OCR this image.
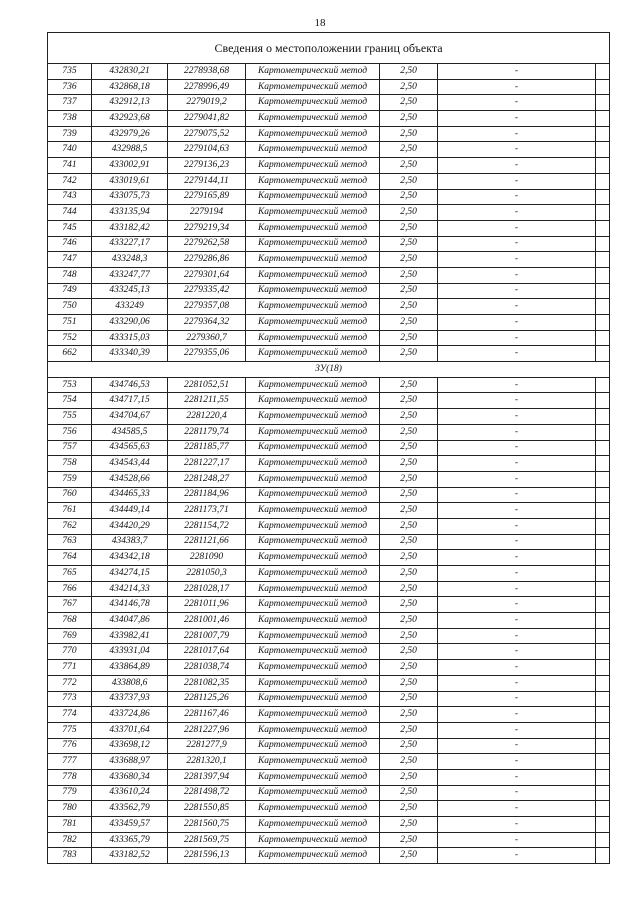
18
Сведения о местоположении границ объекта						
735	432830,21	2278938,68	Картометрический метод	2,50	-	
736	432868,18	2278996,49	Картометрический метод	2,50	-	
737	432912,13	2279019,2	Картометрический метод	2,50	-	
738	432923,68	2279041,82	Картометрический метод	2,50	-	
739	432979,26	2279075,52	Картометрический метод	2,50	-	
740	432988,5	2279104,63	Картометрический метод	2,50	-	
741	433002,91	2279136,23	Картометрический метод	2,50	-	
742	433019,61	2279144,11	Картометрический метод	2,50	-	
743	433075,73	2279165,89	Картометрический метод	2,50	-	
744	433135,94	2279194	Картометрический метод	2,50	-	
745	433182,42	2279219,34	Картометрический метод	2,50	-	
746	433227,17	2279262,58	Картометрический метод	2,50	-	
747	433248,3	2279286,86	Картометрический метод	2,50	-	
748	433247,77	2279301,64	Картометрический метод	2,50	-	
749	433245,13	2279335,42	Картометрический метод	2,50	-	
750	433249	2279357,08	Картометрический метод	2,50	-	
751	433290,06	2279364,32	Картометрический метод	2,50	-	
752	433315,03	2279360,7	Картометрический метод	2,50	-	
662	433340,39	2279355,06	Картометрический метод	2,50	-	
ЗУ(18)						
753	434746,53	2281052,51	Картометрический метод	2,50	-	
754	434717,15	2281211,55	Картометрический метод	2,50	-	
755	434704,67	2281220,4	Картометрический метод	2,50	-	
756	434585,5	2281179,74	Картометрический метод	2,50	-	
757	434565,63	2281185,77	Картометрический метод	2,50	-	
758	434543,44	2281227,17	Картометрический метод	2,50	-	
759	434528,66	2281248,27	Картометрический метод	2,50	-	
760	434465,33	2281184,96	Картометрический метод	2,50	-	
761	434449,14	2281173,71	Картометрический метод	2,50	-	
762	434420,29	2281154,72	Картометрический метод	2,50	-	
763	434383,7	2281121,66	Картометрический метод	2,50	-	
764	434342,18	2281090	Картометрический метод	2,50	-	
765	434274,15	2281050,3	Картометрический метод	2,50	-	
766	434214,33	2281028,17	Картометрический метод	2,50	-	
767	434146,78	2281011,96	Картометрический метод	2,50	-	
768	434047,86	2281001,46	Картометрический метод	2,50	-	
769	433982,41	2281007,79	Картометрический метод	2,50	-	
770	433931,04	2281017,64	Картометрический метод	2,50	-	
771	433864,89	2281038,74	Картометрический метод	2,50	-	
772	433808,6	2281082,35	Картометрический метод	2,50	-	
773	433737,93	2281125,26	Картометрический метод	2,50	-	
774	433724,86	2281167,46	Картометрический метод	2,50	-	
775	433701,64	2281227,96	Картометрический метод	2,50	-	
776	433698,12	2281277,9	Картометрический метод	2,50	-	
777	433688,97	2281320,1	Картометрический метод	2,50	-	
778	433680,34	2281397,94	Картометрический метод	2,50	-	
779	433610,24	2281498,72	Картометрический метод	2,50	-	
780	433562,79	2281550,85	Картометрический метод	2,50	-	
781	433459,57	2281560,75	Картометрический метод	2,50	-	
782	433365,79	2281569,75	Картометрический метод	2,50	-	
783	433182,52	2281596,13	Картометрический метод	2,50	-	
